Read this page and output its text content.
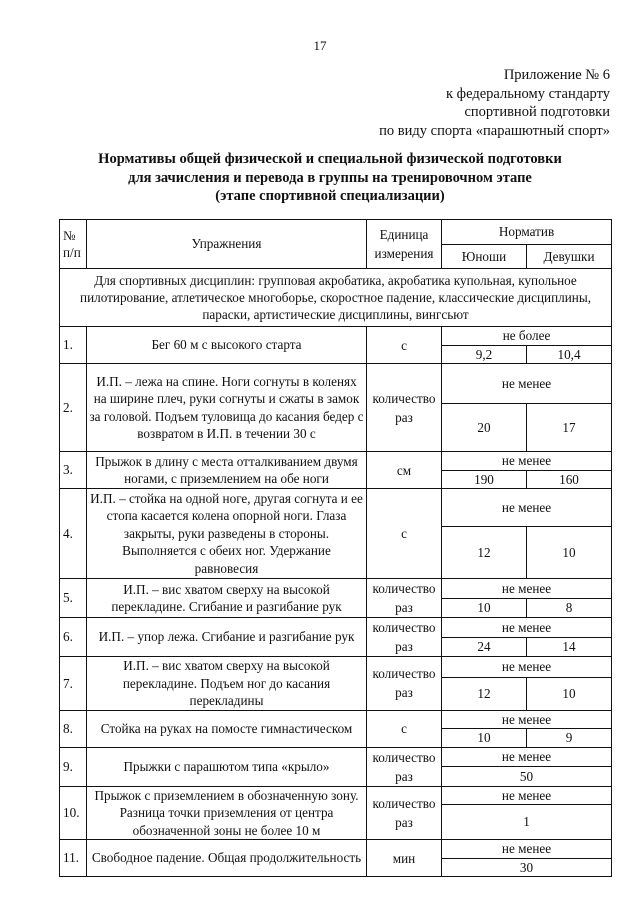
17
Приложение № 6
к федеральному стандарту
спортивной подготовки
по виду спорта «парашютный спорт»
Нормативы общей физической и специальной физической подготовки
для зачисления и перевода в группы на тренировочном этапе
(этапе спортивной специализации)
№ п/п	Упражнения	Единица измерения	Норматив	
			Юноши	Девушки
Для спортивных дисциплин: групповая акробатика, акробатика купольная, купольное пилотирование, атлетическое многоборье, скоростное падение, классические дисциплины, параски, артистические дисциплины, вингсьют				
1.	Бег 60 м с высокого старта	с	не более	
			9,2	10,4
2.	И.П. – лежа на спине. Ноги согнуты в коленях на ширине плеч, руки согнуты и сжаты в замок за головой. Подъем туловища до касания бедер с возвратом в И.П. в течении 30 с	количество раз	не менее	
			20	17
3.	Прыжок в длину с места отталкиванием двумя ногами, с приземлением на обе ноги	см	не менее	
			190	160
4.	И.П. – стойка на одной ноге, другая согнута и ее стопа касается колена опорной ноги. Глаза закрыты, руки разведены в стороны. Выполняется с обеих ног. Удержание равновесия	с	не менее	
			12	10
5.	И.П. – вис хватом сверху на высокой перекладине. Сгибание и разгибание рук	количество раз	не менее	
			10	8
6.	И.П. – упор лежа. Сгибание и разгибание рук	количество раз	не менее	
			24	14
7.	И.П. – вис хватом сверху на высокой перекладине. Подъем ног до касания перекладины	количество раз	не менее	
			12	10
8.	Стойка на руках на помосте гимнастическом	с	не менее	
			10	9
9.	Прыжки с парашютом типа «крыло»	количество раз	не менее	
			50	
10.	Прыжок с приземлением в обозначенную зону. Разница точки приземления от центра обозначенной зоны не более 10 м	количество раз	не менее	
			1	
11.	Свободное падение. Общая продолжительность	мин	не менее	
			30	
